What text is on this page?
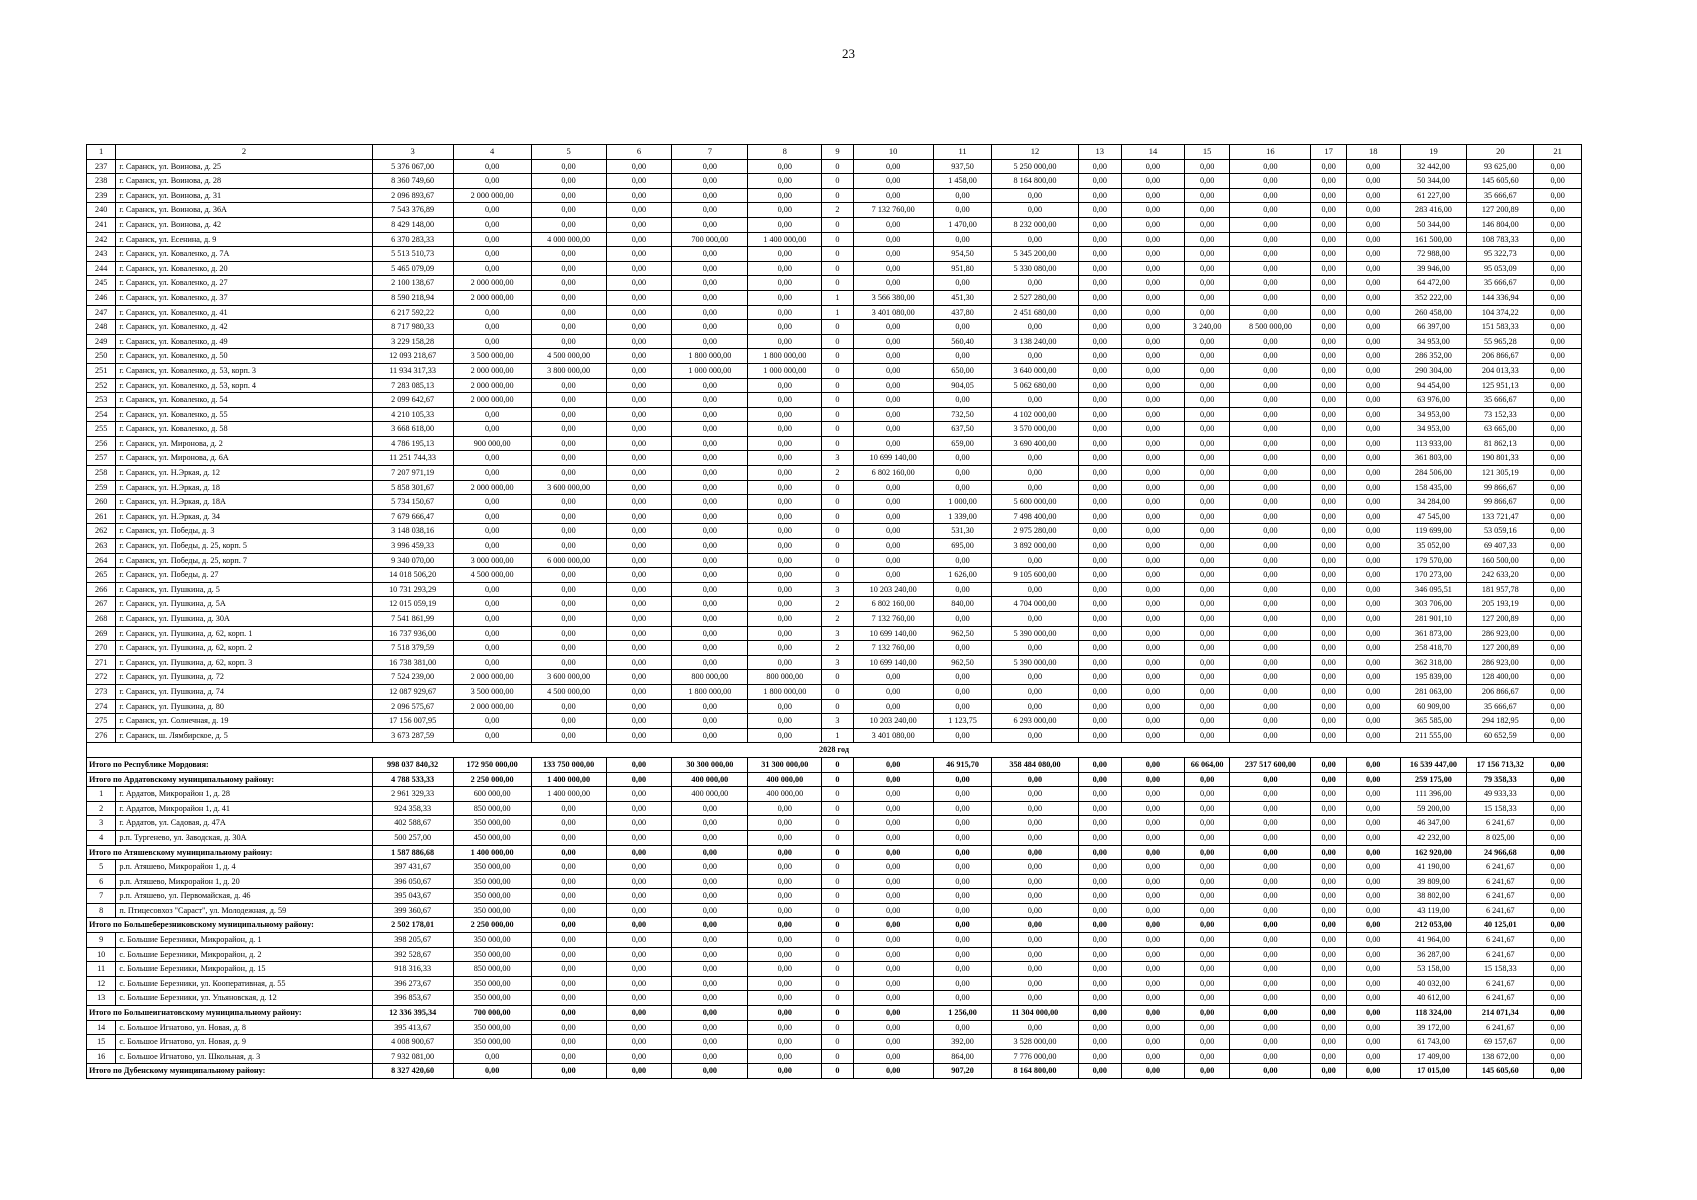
23
1	2	3	4	5	6	7	8	9	10	11	12	13	14	15	16	17	18	19	20	21
237	г. Саранск, ул. Воинова, д. 25	5 376 067,00	0,00	0,00	0,00	0,00	0,00	0	0,00	937,50	5 250 000,00	0,00	0,00	0,00	0,00	0,00	0,00	32 442,00	93 625,00	0,00
238	г. Саранск, ул. Воинова, д. 28	8 360 749,60	0,00	0,00	0,00	0,00	0,00	0	0,00	1 458,00	8 164 800,00	0,00	0,00	0,00	0,00	0,00	0,00	50 344,00	145 605,60	0,00
239	г. Саранск, ул. Воинова, д. 31	2 096 893,67	2 000 000,00	0,00	0,00	0,00	0,00	0	0,00	0,00	0,00	0,00	0,00	0,00	0,00	0,00	0,00	61 227,00	35 666,67	0,00
240	г. Саранск, ул. Воинова, д. 36А	7 543 376,89	0,00	0,00	0,00	0,00	0,00	2	7 132 760,00	0,00	0,00	0,00	0,00	0,00	0,00	0,00	0,00	283 416,00	127 200,89	0,00
241	г. Саранск, ул. Воинова, д. 42	8 429 148,00	0,00	0,00	0,00	0,00	0,00	0	0,00	1 470,00	8 232 000,00	0,00	0,00	0,00	0,00	0,00	0,00	50 344,00	146 804,00	0,00
242	г. Саранск, ул. Есенина, д. 9	6 370 283,33	0,00	4 000 000,00	0,00	700 000,00	1 400 000,00	0	0,00	0,00	0,00	0,00	0,00	0,00	0,00	0,00	0,00	161 500,00	108 783,33	0,00
243	г. Саранск, ул. Коваленко, д. 7А	5 513 510,73	0,00	0,00	0,00	0,00	0,00	0	0,00	954,50	5 345 200,00	0,00	0,00	0,00	0,00	0,00	0,00	72 988,00	95 322,73	0,00
244	г. Саранск, ул. Коваленко, д. 20	5 465 079,09	0,00	0,00	0,00	0,00	0,00	0	0,00	951,80	5 330 080,00	0,00	0,00	0,00	0,00	0,00	0,00	39 946,00	95 053,09	0,00
245	г. Саранск, ул. Коваленко, д. 27	2 100 138,67	2 000 000,00	0,00	0,00	0,00	0,00	0	0,00	0,00	0,00	0,00	0,00	0,00	0,00	0,00	0,00	64 472,00	35 666,67	0,00
246	г. Саранск, ул. Коваленко, д. 37	8 590 218,94	2 000 000,00	0,00	0,00	0,00	0,00	1	3 566 380,00	451,30	2 527 280,00	0,00	0,00	0,00	0,00	0,00	0,00	352 222,00	144 336,94	0,00
247	г. Саранск, ул. Коваленко, д. 41	6 217 592,22	0,00	0,00	0,00	0,00	0,00	1	3 401 080,00	437,80	2 451 680,00	0,00	0,00	0,00	0,00	0,00	0,00	260 458,00	104 374,22	0,00
248	г. Саранск, ул. Коваленко, д. 42	8 717 980,33	0,00	0,00	0,00	0,00	0,00	0	0,00	0,00	0,00	0,00	0,00	3 240,00	8 500 000,00	0,00	0,00	66 397,00	151 583,33	0,00
249	г. Саранск, ул. Коваленко, д. 49	3 229 158,28	0,00	0,00	0,00	0,00	0,00	0	0,00	560,40	3 138 240,00	0,00	0,00	0,00	0,00	0,00	0,00	34 953,00	55 965,28	0,00
250	г. Саранск, ул. Коваленко, д. 50	12 093 218,67	3 500 000,00	4 500 000,00	0,00	1 800 000,00	1 800 000,00	0	0,00	0,00	0,00	0,00	0,00	0,00	0,00	0,00	0,00	286 352,00	206 866,67	0,00
251	г. Саранск, ул. Коваленко, д. 53, корп. 3	11 934 317,33	2 000 000,00	3 800 000,00	0,00	1 000 000,00	1 000 000,00	0	0,00	650,00	3 640 000,00	0,00	0,00	0,00	0,00	0,00	0,00	290 304,00	204 013,33	0,00
252	г. Саранск, ул. Коваленко, д. 53, корп. 4	7 283 085,13	2 000 000,00	0,00	0,00	0,00	0,00	0	0,00	904,05	5 062 680,00	0,00	0,00	0,00	0,00	0,00	0,00	94 454,00	125 951,13	0,00
253	г. Саранск, ул. Коваленко, д. 54	2 099 642,67	2 000 000,00	0,00	0,00	0,00	0,00	0	0,00	0,00	0,00	0,00	0,00	0,00	0,00	0,00	0,00	63 976,00	35 666,67	0,00
254	г. Саранск, ул. Коваленко, д. 55	4 210 105,33	0,00	0,00	0,00	0,00	0,00	0	0,00	732,50	4 102 000,00	0,00	0,00	0,00	0,00	0,00	0,00	34 953,00	73 152,33	0,00
255	г. Саранск, ул. Коваленко, д. 58	3 668 618,00	0,00	0,00	0,00	0,00	0,00	0	0,00	637,50	3 570 000,00	0,00	0,00	0,00	0,00	0,00	0,00	34 953,00	63 665,00	0,00
256	г. Саранск, ул. Миронова, д. 2	4 786 195,13	900 000,00	0,00	0,00	0,00	0,00	0	0,00	659,00	3 690 400,00	0,00	0,00	0,00	0,00	0,00	0,00	113 933,00	81 862,13	0,00
257	г. Саранск, ул. Миронова, д. 6А	11 251 744,33	0,00	0,00	0,00	0,00	0,00	3	10 699 140,00	0,00	0,00	0,00	0,00	0,00	0,00	0,00	0,00	361 803,00	190 801,33	0,00
258	г. Саранск, ул. Н.Эркая, д. 12	7 207 971,19	0,00	0,00	0,00	0,00	0,00	2	6 802 160,00	0,00	0,00	0,00	0,00	0,00	0,00	0,00	0,00	284 506,00	121 305,19	0,00
259	г. Саранск, ул. Н.Эркая, д. 18	5 858 301,67	2 000 000,00	3 600 000,00	0,00	0,00	0,00	0	0,00	0,00	0,00	0,00	0,00	0,00	0,00	0,00	0,00	158 435,00	99 866,67	0,00
260	г. Саранск, ул. Н.Эркая, д. 18А	5 734 150,67	0,00	0,00	0,00	0,00	0,00	0	0,00	1 000,00	5 600 000,00	0,00	0,00	0,00	0,00	0,00	0,00	34 284,00	99 866,67	0,00
261	г. Саранск, ул. Н.Эркая, д. 34	7 679 666,47	0,00	0,00	0,00	0,00	0,00	0	0,00	1 339,00	7 498 400,00	0,00	0,00	0,00	0,00	0,00	0,00	47 545,00	133 721,47	0,00
262	г. Саранск, ул. Победы, д. 3	3 148 038,16	0,00	0,00	0,00	0,00	0,00	0	0,00	531,30	2 975 280,00	0,00	0,00	0,00	0,00	0,00	0,00	119 699,00	53 059,16	0,00
263	г. Саранск, ул. Победы, д. 25, корп. 5	3 996 459,33	0,00	0,00	0,00	0,00	0,00	0	0,00	695,00	3 892 000,00	0,00	0,00	0,00	0,00	0,00	0,00	35 052,00	69 407,33	0,00
264	г. Саранск, ул. Победы, д. 25, корп. 7	9 340 070,00	3 000 000,00	6 000 000,00	0,00	0,00	0,00	0	0,00	0,00	0,00	0,00	0,00	0,00	0,00	0,00	0,00	179 570,00	160 500,00	0,00
265	г. Саранск, ул. Победы, д. 27	14 018 506,20	4 500 000,00	0,00	0,00	0,00	0,00	0	0,00	1 626,00	9 105 600,00	0,00	0,00	0,00	0,00	0,00	0,00	170 273,00	242 633,20	0,00
266	г. Саранск, ул. Пушкина, д. 5	10 731 293,29	0,00	0,00	0,00	0,00	0,00	3	10 203 240,00	0,00	0,00	0,00	0,00	0,00	0,00	0,00	0,00	346 095,51	181 957,78	0,00
267	г. Саранск, ул. Пушкина, д. 5А	12 015 059,19	0,00	0,00	0,00	0,00	0,00	2	6 802 160,00	840,00	4 704 000,00	0,00	0,00	0,00	0,00	0,00	0,00	303 706,00	205 193,19	0,00
268	г. Саранск, ул. Пушкина, д. 30А	7 541 861,99	0,00	0,00	0,00	0,00	0,00	2	7 132 760,00	0,00	0,00	0,00	0,00	0,00	0,00	0,00	0,00	281 901,10	127 200,89	0,00
269	г. Саранск, ул. Пушкина, д. 62, корп. 1	16 737 936,00	0,00	0,00	0,00	0,00	0,00	3	10 699 140,00	962,50	5 390 000,00	0,00	0,00	0,00	0,00	0,00	0,00	361 873,00	286 923,00	0,00
270	г. Саранск, ул. Пушкина, д. 62, корп. 2	7 518 379,59	0,00	0,00	0,00	0,00	0,00	2	7 132 760,00	0,00	0,00	0,00	0,00	0,00	0,00	0,00	0,00	258 418,70	127 200,89	0,00
271	г. Саранск, ул. Пушкина, д. 62, корп. 3	16 738 381,00	0,00	0,00	0,00	0,00	0,00	3	10 699 140,00	962,50	5 390 000,00	0,00	0,00	0,00	0,00	0,00	0,00	362 318,00	286 923,00	0,00
272	г. Саранск, ул. Пушкина, д. 72	7 524 239,00	2 000 000,00	3 600 000,00	0,00	800 000,00	800 000,00	0	0,00	0,00	0,00	0,00	0,00	0,00	0,00	0,00	0,00	195 839,00	128 400,00	0,00
273	г. Саранск, ул. Пушкина, д. 74	12 087 929,67	3 500 000,00	4 500 000,00	0,00	1 800 000,00	1 800 000,00	0	0,00	0,00	0,00	0,00	0,00	0,00	0,00	0,00	0,00	281 063,00	206 866,67	0,00
274	г. Саранск, ул. Пушкина, д. 80	2 096 575,67	2 000 000,00	0,00	0,00	0,00	0,00	0	0,00	0,00	0,00	0,00	0,00	0,00	0,00	0,00	0,00	60 909,00	35 666,67	0,00
275	г. Саранск, ул. Солнечная, д. 19	17 156 007,95	0,00	0,00	0,00	0,00	0,00	3	10 203 240,00	1 123,75	6 293 000,00	0,00	0,00	0,00	0,00	0,00	0,00	365 585,00	294 182,95	0,00
276	г. Саранск, ш. Лямбирское, д. 5	3 673 287,59	0,00	0,00	0,00	0,00	0,00	1	3 401 080,00	0,00	0,00	0,00	0,00	0,00	0,00	0,00	0,00	211 555,00	60 652,59	0,00
2028 год																				
Итого по Республике Мордовия:		998 037 840,32	172 950 000,00	133 750 000,00	0,00	30 300 000,00	31 300 000,00	0	0,00	46 915,70	358 484 080,00	0,00	0,00	66 064,00	237 517 600,00	0,00	0,00	16 539 447,00	17 156 713,32	0,00
Итого по Ардатовскому муниципальному району:		4 788 533,33	2 250 000,00	1 400 000,00	0,00	400 000,00	400 000,00	0	0,00	0,00	0,00	0,00	0,00	0,00	0,00	0,00	0,00	259 175,00	79 358,33	0,00
1	г. Ардатов, Микрорайон 1, д. 28	2 961 329,33	600 000,00	1 400 000,00	0,00	400 000,00	400 000,00	0	0,00	0,00	0,00	0,00	0,00	0,00	0,00	0,00	0,00	111 396,00	49 933,33	0,00
2	г. Ардатов, Микрорайон 1, д. 41	924 358,33	850 000,00	0,00	0,00	0,00	0,00	0	0,00	0,00	0,00	0,00	0,00	0,00	0,00	0,00	0,00	59 200,00	15 158,33	0,00
3	г. Ардатов, ул. Садовая, д. 47А	402 588,67	350 000,00	0,00	0,00	0,00	0,00	0	0,00	0,00	0,00	0,00	0,00	0,00	0,00	0,00	0,00	46 347,00	6 241,67	0,00
4	р.п. Тургенево, ул. Заводская, д. 30А	500 257,00	450 000,00	0,00	0,00	0,00	0,00	0	0,00	0,00	0,00	0,00	0,00	0,00	0,00	0,00	0,00	42 232,00	8 025,00	0,00
Итого по Атяшевскому муниципальному району:		1 587 886,68	1 400 000,00	0,00	0,00	0,00	0,00	0	0,00	0,00	0,00	0,00	0,00	0,00	0,00	0,00	0,00	162 920,00	24 966,68	0,00
5	р.п. Атяшево, Микрорайон 1, д. 4	397 431,67	350 000,00	0,00	0,00	0,00	0,00	0	0,00	0,00	0,00	0,00	0,00	0,00	0,00	0,00	0,00	41 190,00	6 241,67	0,00
6	р.п. Атяшево, Микрорайон 1, д. 20	396 050,67	350 000,00	0,00	0,00	0,00	0,00	0	0,00	0,00	0,00	0,00	0,00	0,00	0,00	0,00	0,00	39 809,00	6 241,67	0,00
7	р.п. Атяшево, ул. Первомайская, д. 46	395 043,67	350 000,00	0,00	0,00	0,00	0,00	0	0,00	0,00	0,00	0,00	0,00	0,00	0,00	0,00	0,00	38 802,00	6 241,67	0,00
8	п. Птицесовхоз "Сараст", ул. Молодежная, д. 59	399 360,67	350 000,00	0,00	0,00	0,00	0,00	0	0,00	0,00	0,00	0,00	0,00	0,00	0,00	0,00	0,00	43 119,00	6 241,67	0,00
Итого по Большеберезниковскому муниципальному району:		2 502 178,01	2 250 000,00	0,00	0,00	0,00	0,00	0	0,00	0,00	0,00	0,00	0,00	0,00	0,00	0,00	0,00	212 053,00	40 125,01	0,00
9	с. Большие Березники, Микрорайон, д. 1	398 205,67	350 000,00	0,00	0,00	0,00	0,00	0	0,00	0,00	0,00	0,00	0,00	0,00	0,00	0,00	0,00	41 964,00	6 241,67	0,00
10	с. Большие Березники, Микрорайон, д. 2	392 528,67	350 000,00	0,00	0,00	0,00	0,00	0	0,00	0,00	0,00	0,00	0,00	0,00	0,00	0,00	0,00	36 287,00	6 241,67	0,00
11	с. Большие Березники, Микрорайон, д. 15	918 316,33	850 000,00	0,00	0,00	0,00	0,00	0	0,00	0,00	0,00	0,00	0,00	0,00	0,00	0,00	0,00	53 158,00	15 158,33	0,00
12	с. Большие Березники, ул. Кооперативная, д. 55	396 273,67	350 000,00	0,00	0,00	0,00	0,00	0	0,00	0,00	0,00	0,00	0,00	0,00	0,00	0,00	0,00	40 032,00	6 241,67	0,00
13	с. Большие Березники, ул. Ульяновская, д. 12	396 853,67	350 000,00	0,00	0,00	0,00	0,00	0	0,00	0,00	0,00	0,00	0,00	0,00	0,00	0,00	0,00	40 612,00	6 241,67	0,00
Итого по Большеигнатовскому муниципальному району:		12 336 395,34	700 000,00	0,00	0,00	0,00	0,00	0	0,00	1 256,00	11 304 000,00	0,00	0,00	0,00	0,00	0,00	0,00	118 324,00	214 071,34	0,00
14	с. Большое Игнатово, ул. Новая, д. 8	395 413,67	350 000,00	0,00	0,00	0,00	0,00	0	0,00	0,00	0,00	0,00	0,00	0,00	0,00	0,00	0,00	39 172,00	6 241,67	0,00
15	с. Большое Игнатово, ул. Новая, д. 9	4 008 900,67	350 000,00	0,00	0,00	0,00	0,00	0	0,00	392,00	3 528 000,00	0,00	0,00	0,00	0,00	0,00	0,00	61 743,00	69 157,67	0,00
16	с. Большое Игнатово, ул. Школьная, д. 3	7 932 081,00	0,00	0,00	0,00	0,00	0,00	0	0,00	864,00	7 776 000,00	0,00	0,00	0,00	0,00	0,00	0,00	17 409,00	138 672,00	0,00
Итого по Дубенскому муниципальному району:		8 327 420,60	0,00	0,00	0,00	0,00	0,00	0	0,00	907,20	8 164 800,00	0,00	0,00	0,00	0,00	0,00	0,00	17 015,00	145 605,60	0,00
